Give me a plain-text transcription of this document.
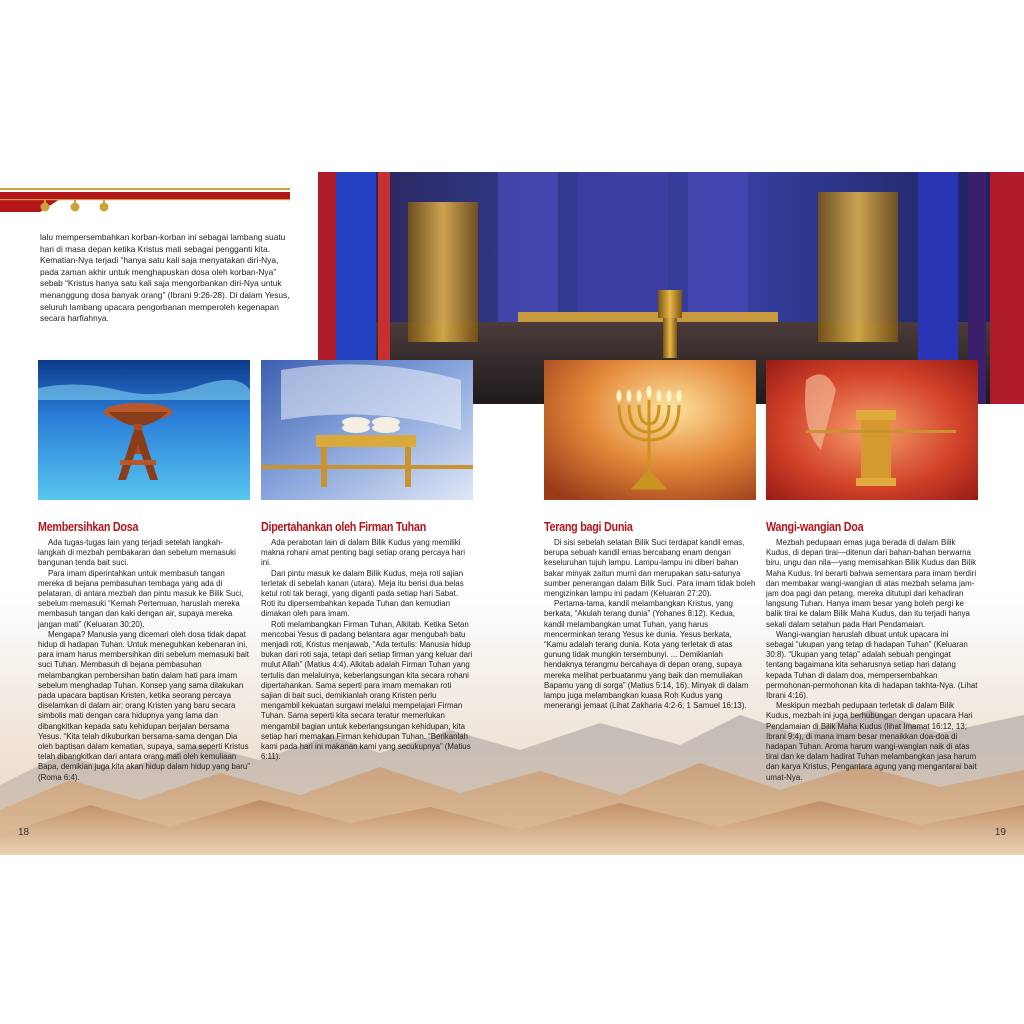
lalu mempersembahkan korban-korban ini sebagai lambang suatu hari di masa depan ketika Kristus mati sebagai pengganti kita. Kematian-Nya terjadi “hanya satu kali saja menyatakan diri-Nya, pada zaman akhir untuk menghapuskan dosa oleh korban-Nya” sebab “Kristus hanya satu kali saja mengorbankan diri-Nya untuk menanggung dosa banyak orang” (Ibrani 9:26-28). Di dalam Yesus, seluruh lambang upacara pengorbanan memperoleh kegenapan secara harfiahnya.

Membersihkan Dosa

Ada tugas-tugas lain yang terjadi setelah langkah-langkah di mezbah pembakaran dan sebelum memasuki bangunan tenda bait suci.

Para imam diperintahkan untuk membasuh tangan mereka di bejana pembasuhan tembaga yang ada di pelataran, di antara mezbah dan pintu masuk ke Bilik Suci, sebelum memasuki “Kemah Pertemuan, haruslah mereka membasuh tangan dan kaki dengan air, supaya mereka jangan mati” (Keluaran 30:20).

Mengapa? Manusia yang dicemari oleh dosa tidak dapat hidup di hadapan Tuhan. Untuk meneguhkan kebenaran ini, para imam harus membersihkan diri sebelum memasuki bait suci Tuhan. Membasuh di bejana pembasuhan melambangkan pembersihan batin dalam hati para imam sebelum menghadap Tuhan. Konsep yang sama dilakukan pada upacara baptisan Kristen, ketika seorang percaya diselamkan di dalam air; orang Kristen yang baru secara simbolis mati dengan cara hidupnya yang lama dan dibangkitkan kepada satu kehidupan berjalan bersama Yesus. “Kita telah dikuburkan bersama-sama dengan Dia oleh baptisan dalam kematian, supaya, sama seperti Kristus telah dibangkitkan dari antara orang mati oleh kemuliaan Bapa, demikian juga kita akan hidup dalam hidup yang baru” (Roma 6:4).

Dipertahankan oleh Firman Tuhan

Ada perabotan lain di dalam Bilik Kudus yang memiliki makna rohani amat penting bagi setiap orang percaya hari ini.

Dari pintu masuk ke dalam Bilik Kudus, meja roti sajian terletak di sebelah kanan (utara). Meja itu berisi dua belas ketul roti tak beragi, yang diganti pada setiap hari Sabat. Roti itu dipersembahkan kepada Tuhan dan kemudian dimakan oleh para imam.

Roti melambangkan Firman Tuhan, Alkitab. Ketika Setan mencobai Yesus di padang belantara agar mengubah batu menjadi roti, Kristus menjawab, “Ada tertulis: Manusia hidup bukan dari roti saja, tetapi dari setiap firman yang keluar dari mulut Allah” (Matius 4:4). Alkitab adalah Firman Tuhan yang tertulis dan melaluinya, keberlangsungan kita secara rohani dipertahankan. Sama seperti para imam memakan roti sajian di bait suci, demikianlah orang Kristen perlu mengambil kekuatan surgawi melalui mempelajari Firman Tuhan. Sama seperti kita secara teratur memerlukan mengambil bagian untuk keberlangsungan kehidupan, kita setiap hari memakan Firman kehidupan Tuhan. “Berikanlah kami pada hari ini makanan kami yang secukupnya” (Matius 6:11).

Terang bagi Dunia

Di sisi sebelah selatan Bilik Suci terdapat kandil emas, berupa sebuah kandil emas bercabang enam dengan keseluruhan tujuh lampu. Lampu-lampu ini diberi bahan bakar minyak zaitun murni dan merupakan satu-satunya sumber penerangan dalam Bilik Suci. Para imam tidak boleh mengizinkan lampu ini padam (Keluaran 27:20).

Pertama-tama, kandil melambangkan Kristus, yang berkata, “Akulah terang dunia” (Yohanes 8:12). Kedua, kandil melambangkan umat Tuhan, yang harus mencerminkan terang Yesus ke dunia. Yesus berkata, “Kamu adalah terang dunia. Kota yang terletak di atas gunung tidak mungkin tersembunyi. ... Demikianlah hendaknya terangmu bercahaya di depan orang, supaya mereka melihat perbuatanmu yang baik dan memuliakan Bapamu yang di sorga” (Matius 5:14, 16). Minyak di dalam lampu juga melambangkan kuasa Roh Kudus yang menerangi jemaat (Lihat Zakharia 4:2-6; 1 Samuel 16:13).

Wangi-wangian Doa

Mezbah pedupaan emas juga berada di dalam Bilik Kudus, di depan tirai—ditenun dari bahan-bahan berwarna biru, ungu dan nila—yang memisahkan Bilik Kudus dan Bilik Maha Kudus. Ini berarti bahwa sementara para imam berdiri dan membakar wangi-wangian di atas mezbah selama jam-jam doa pagi dan petang, mereka ditutupi dari kehadiran langsung Tuhan. Hanya imam besar yang boleh pergi ke balik tirai ke dalam Bilik Maha Kudus, dan itu terjadi hanya sekali dalam setahun pada Hari Pendamaian.

Wangi-wangian haruslah dibuat untuk upacara ini sebagai “ukupan yang tetap di hadapan Tuhan” (Keluaran 30:8). “Ukupan yang tetap” adalah sebuah pengingat tentang bagaimana kita seharusnya setiap hari datang kepada Tuhan di dalam doa, mempersembahkan permohonan-permohonan kita di hadapan takhta-Nya. (Lihat Ibrani 4:16).

Meskipun mezbah pedupaan terletak di dalam Bilik Kudus, mezbah ini juga berhubungan dengan upacara Hari Pendamaian di Bilik Maha Kudus (lihat Imamat 16:12, 13; Ibrani 9:4), di mana imam besar menaikkan doa-doa di hadapan Tuhan. Aroma harum wangi-wangian naik di atas tirai dan ke dalam hadirat Tuhan melambangkan jasa harum dan karya Kristus, Pengantara agung yang mengantarai bait umat-Nya.

18	19
